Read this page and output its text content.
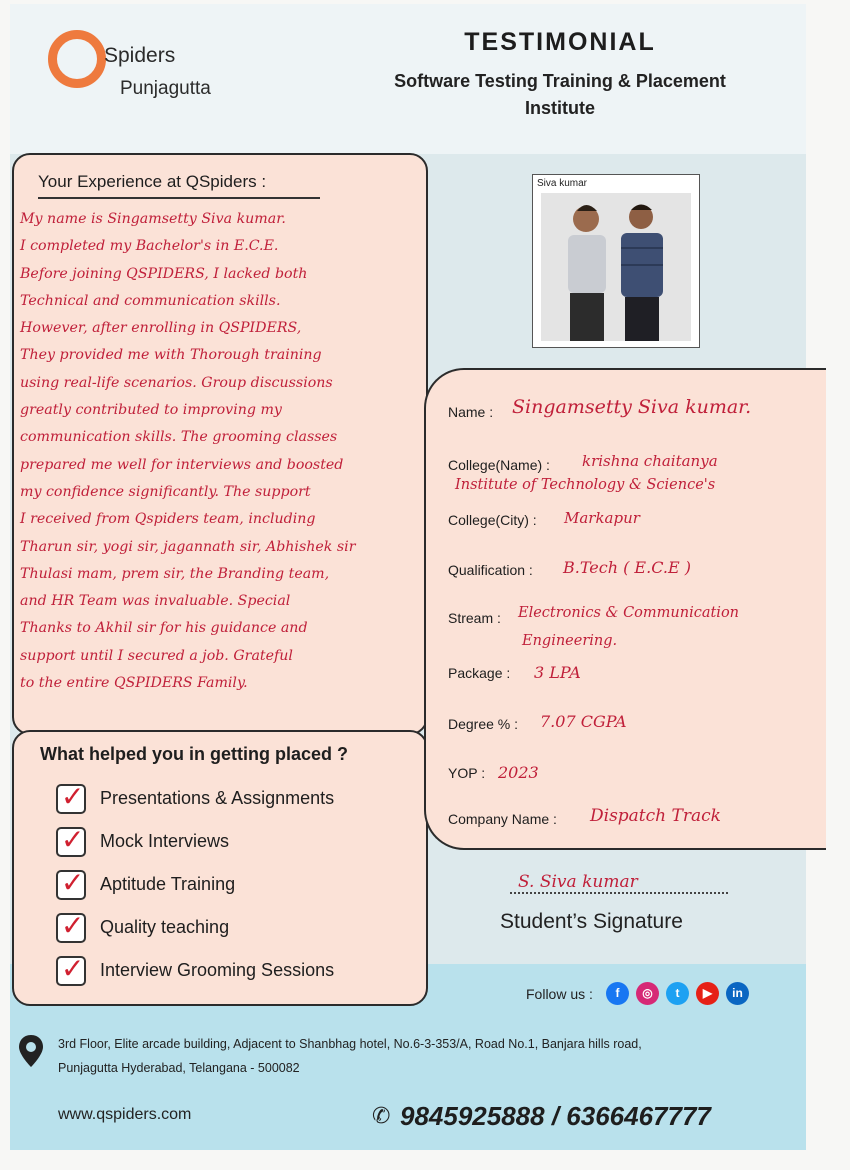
Spiders
Punjagutta
TESTIMONIAL
Software Testing Training & Placement
Institute
Your Experience at QSpiders :
My name is Singamsetty Siva kumar.
I completed my Bachelor's in E.C.E.
Before joining QSPIDERS, I lacked both
Technical and communication skills.
However, after enrolling in QSPIDERS,
They provided me with Thorough training
using real-life scenarios. Group discussions
greatly contributed to improving my
communication skills. The grooming classes
prepared me well for interviews and boosted
my confidence significantly. The support
I received from Qspiders team, including
Tharun sir, yogi sir, jagannath sir, Abhishek sir
Thulasi mam, prem sir, the Branding team,
and HR Team was invaluable. Special
Thanks to Akhil sir for his guidance and
support until I secured a job. Grateful
to the entire QSPIDERS Family.
What helped you in getting placed ?
✓ Presentations & Assignments
✓ Mock Interviews
✓ Aptitude Training
✓ Quality teaching
✓ Interview Grooming Sessions
Siva kumar
Name : Singamsetty Siva kumar.
College(Name) : krishna chaitanya
Institute of Technology & Science's
College(City) : Markapur
Qualification : B.Tech ( E.C.E )
Stream : Electronics & Communication
Engineering.
Package : 3 LPA
Degree % : 7.07 CGPA
YOP : 2023
Company Name : Dispatch Track
S. Siva kumar
Student’s Signature
Follow us :	f	◎	t	▶	in
3rd Floor, Elite arcade building, Adjacent to Shanbhag hotel, No.6-3-353/A, Road No.1, Banjara hills road,
Punjagutta Hyderabad, Telangana - 500082
www.qspiders.com	✆ 9845925888 / 6366467777
